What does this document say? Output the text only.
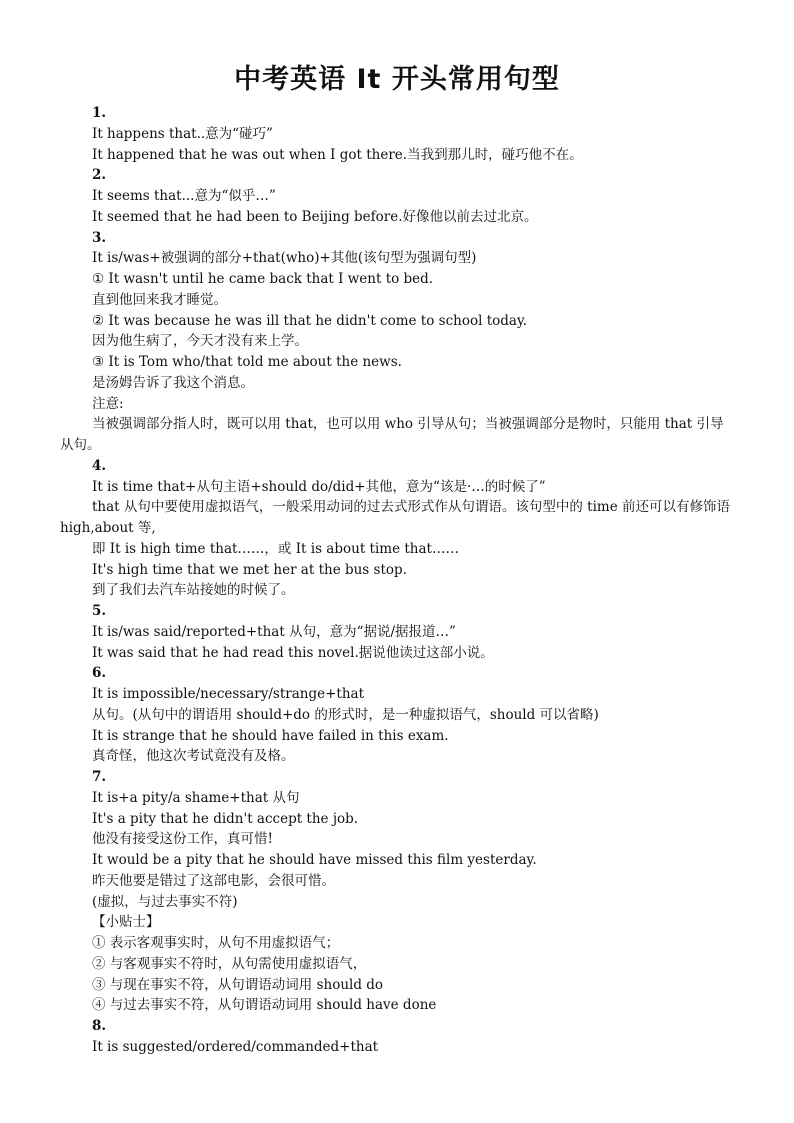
中考英语 It 开头常用句型
1.
It happens that..意为“碰巧”
It happened that he was out when I got there.当我到那儿时，碰巧他不在。
2.
It seems that...意为“似乎…”
It seemed that he had been to Beijing before.好像他以前去过北京。
3.
It is/was+被强调的部分+that(who)+其他(该句型为强调句型)
① It wasn't until he came back that I went to bed.
直到他回来我才睡觉。
② It was because he was ill that he didn't come to school today.
因为他生病了，今天才没有来上学。
③ It is Tom who/that told me about the news.
是汤姆告诉了我这个消息。
注意:
当被强调部分指人时，既可以用 that，也可以用 who 引导从句；当被强调部分是物时，只能用 that 引导从句。
4.
It is time that+从句主语+should do/did+其他，意为“该是·…的时候了”
that 从句中要使用虚拟语气，一般采用动词的过去式形式作从句谓语。该句型中的 time 前还可以有修饰语 high,about 等,
即 It is high time that……，或 It is about time that……
It's high time that we met her at the bus stop.
到了我们去汽车站接她的时候了。
5.
It is/was said/reported+that 从句，意为“据说/据报道…”
It was said that he had read this novel.据说他读过这部小说。
6.
It is impossible/necessary/strange+that
从句。(从句中的谓语用 should+do 的形式时，是一种虚拟语气，should 可以省略)
It is strange that he should have failed in this exam.
真奇怪，他这次考试竟没有及格。
7.
It is+a pity/a shame+that 从句
It's a pity that he didn't accept the job.
他没有接受这份工作，真可惜!
It would be a pity that he should have missed this film yesterday.
昨天他要是错过了这部电影，会很可惜。
(虚拟，与过去事实不符)
【小贴士】
① 表示客观事实时，从句不用虚拟语气；
② 与客观事实不符时，从句需使用虚拟语气，
③ 与现在事实不符，从句谓语动词用 should do
④ 与过去事实不符，从句谓语动词用 should have done
8.
It is suggested/ordered/commanded+that
